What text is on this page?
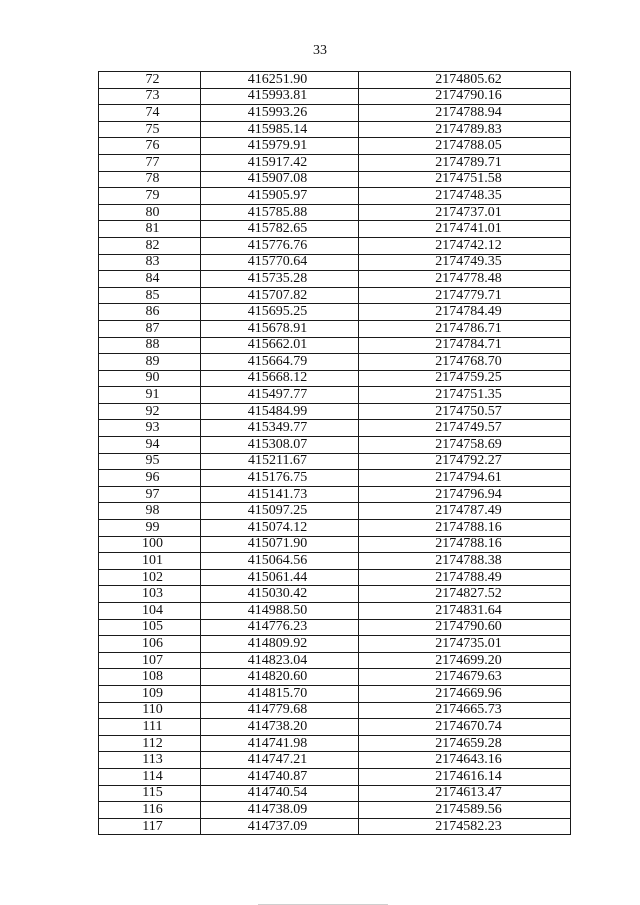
33
72	416251.90	2174805.62
73	415993.81	2174790.16
74	415993.26	2174788.94
75	415985.14	2174789.83
76	415979.91	2174788.05
77	415917.42	2174789.71
78	415907.08	2174751.58
79	415905.97	2174748.35
80	415785.88	2174737.01
81	415782.65	2174741.01
82	415776.76	2174742.12
83	415770.64	2174749.35
84	415735.28	2174778.48
85	415707.82	2174779.71
86	415695.25	2174784.49
87	415678.91	2174786.71
88	415662.01	2174784.71
89	415664.79	2174768.70
90	415668.12	2174759.25
91	415497.77	2174751.35
92	415484.99	2174750.57
93	415349.77	2174749.57
94	415308.07	2174758.69
95	415211.67	2174792.27
96	415176.75	2174794.61
97	415141.73	2174796.94
98	415097.25	2174787.49
99	415074.12	2174788.16
100	415071.90	2174788.16
101	415064.56	2174788.38
102	415061.44	2174788.49
103	415030.42	2174827.52
104	414988.50	2174831.64
105	414776.23	2174790.60
106	414809.92	2174735.01
107	414823.04	2174699.20
108	414820.60	2174679.63
109	414815.70	2174669.96
110	414779.68	2174665.73
111	414738.20	2174670.74
112	414741.98	2174659.28
113	414747.21	2174643.16
114	414740.87	2174616.14
115	414740.54	2174613.47
116	414738.09	2174589.56
117	414737.09	2174582.23
